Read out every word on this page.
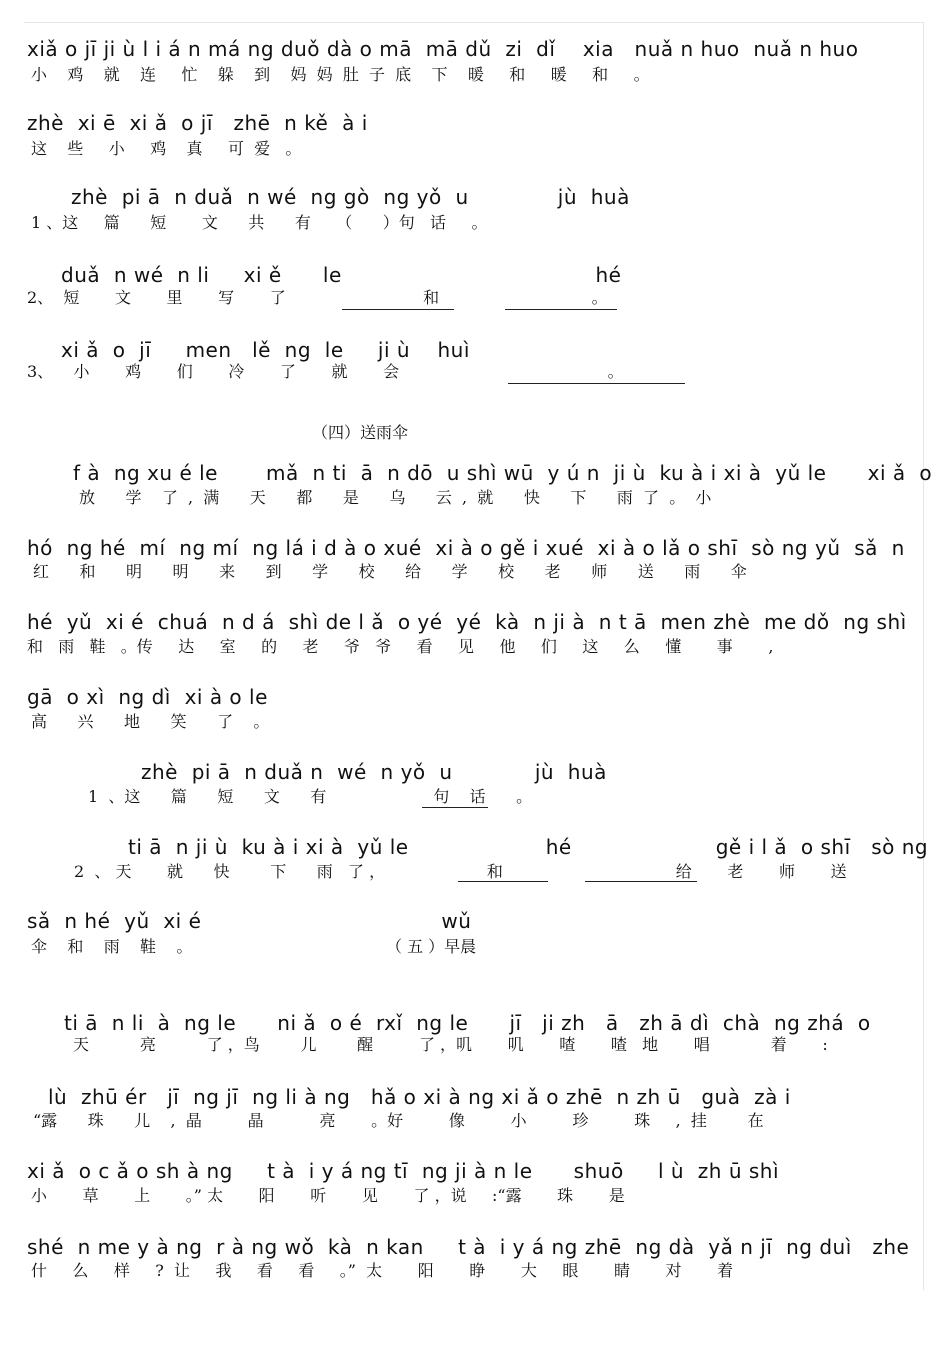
xiǎ o jī ji ù l i á n má ng duǒ dà o mā  mā dǔ  zi  dǐ    xia   nuǎ n huo  nuǎ n huo
小    鸡    就    连     忙    躲    到    妈  妈  肚  子  底    下    暖     和     暖     和     。
zhè  xi ē  xi ǎ  o jī   zhē  n kě  à i
这    些     小     鸡    真     可  爱   。
zhè  pi ā  n duǎ  n wé  ng gò  ng yǒ  u             jù  huà
1 、这     篇      短       文      共      有     （      ）句   话     。
duǎ  n wé  n li     xi ě      le                                     hé
2、  短       文       里       写       了                           和                              。
xi ǎ  o  jī     men   lě  ng  le     ji ù    huì
3、    小       鸡       们       冷       了       就       会                                         。
（四）送雨伞
f à  ng xu é le       mǎ  n ti  ā  n dō  u shì wū  y ú n  ji ù  ku à i xi à  yǔ le      xi ǎ  o
放      学    了  ,  满      天      都      是      乌      云  ,  就      快      下      雨  了  。  小
hó  ng hé  mí  ng mí  ng lá i d à o xué  xi à o gě i xué  xi à o lǎ o shī  sò ng yǔ  sǎ  n
红      和      明      明      来      到      学      校      给      学      校      老      师      送      雨      伞
hé  yǔ  xi é  chuá  n d á  shì de l ǎ  o yé  yé  kà  n ji à  n t ā  men zhè  me dǒ  ng shì
和   雨   鞋   。传     达     室     的     老     爷   爷     看     见     他     们     这     么     懂       事       ,
gā  o xì  ng dì  xi à o le
高      兴      地      笑      了    。
zhè  pi ā  n duǎ n  wé  n yǒ  u            jù  huà
1  、这      篇      短      文      有                     句    话      。
ti ā  n ji ù  ku à i xi à  yǔ le                    hé                     gě i l ǎ  o shī   sò ng
2  、 天       就      快        下      雨   了 ，                    和                                  给       老       师       送
sǎ  n hé  yǔ  xi é                                   wǔ
伞    和    雨    鞋    。	（ 五 ）早晨
ti ā  n li  à  ng le      ni ǎ  o é  rxǐ  ng le      jī   ji zh   ā   zh ā dì  chà  ng zhá  o
天          亮          了 ，鸟        儿        醒         了 ，叽       叽       喳       喳   地       唱            着       :
lù  zhū ér   jī  ng jī  ng li à ng   hǎ o xi à ng xi ǎ o zhē  n zh ū   guà  zà i
“露      珠      儿    ,  晶         晶           亮       。好         像         小         珍         珠     ,  挂        在
xi ǎ  o c ǎ o sh à ng     t à  i y á ng tī  ng ji à n le      shuō     l ù  zh ū shì
小       草       上       。” 太       阳       听       见       了 ，说     :“露       珠       是
shé  n me y à ng  r à ng wǒ  kà  n kan     t à  i y á ng zhē  ng dà  yǎ n jī  ng duì   zhe
什     么     样     ?  让     我     看     看     。”  太       阳       睁       大     眼       睛       对       着
